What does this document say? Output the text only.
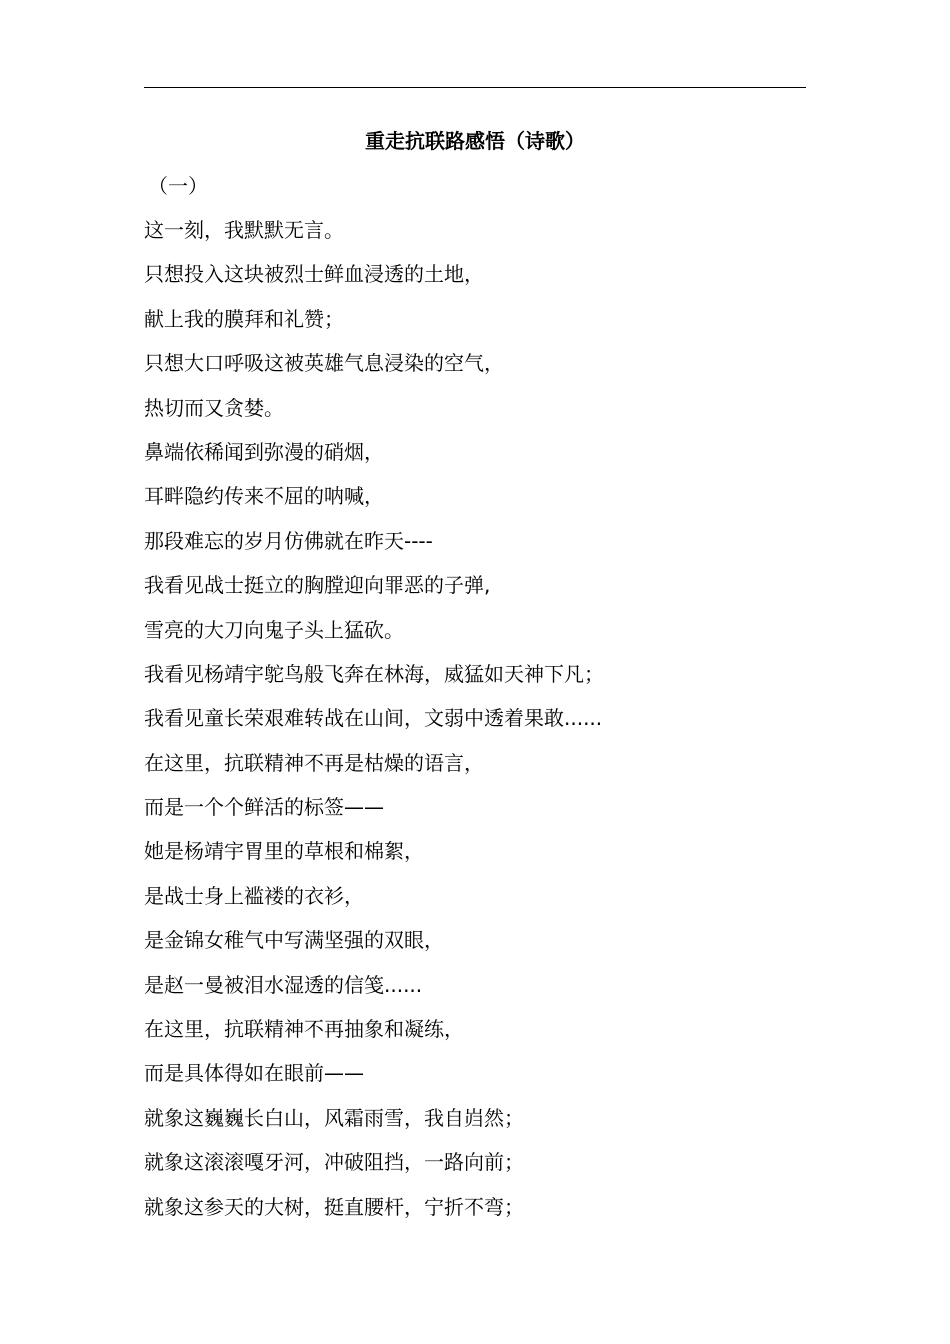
重走抗联路感悟（诗歌）
（一）
这一刻，我默默无言。
只想投入这块被烈士鲜血浸透的土地，
献上我的膜拜和礼赞；
只想大口呼吸这被英雄气息浸染的空气，
热切而又贪婪。
鼻端依稀闻到弥漫的硝烟，
耳畔隐约传来不屈的呐喊，
那段难忘的岁月仿佛就在昨天----
我看见战士挺立的胸膛迎向罪恶的子弹,
雪亮的大刀向鬼子头上猛砍。
我看见杨靖宇鸵鸟般飞奔在林海，威猛如天神下凡；
我看见童长荣艰难转战在山间，文弱中透着果敢......
在这里，抗联精神不再是枯燥的语言，
而是一个个鲜活的标签——
她是杨靖宇胃里的草根和棉絮，
是战士身上褴褛的衣衫，
是金锦女稚气中写满坚强的双眼，
是赵一曼被泪水湿透的信笺......
在这里，抗联精神不再抽象和凝练，
而是具体得如在眼前——
就象这巍巍长白山，风霜雨雪，我自岿然；
就象这滚滚嘎牙河，冲破阻挡，一路向前；
就象这参天的大树，挺直腰杆，宁折不弯；
